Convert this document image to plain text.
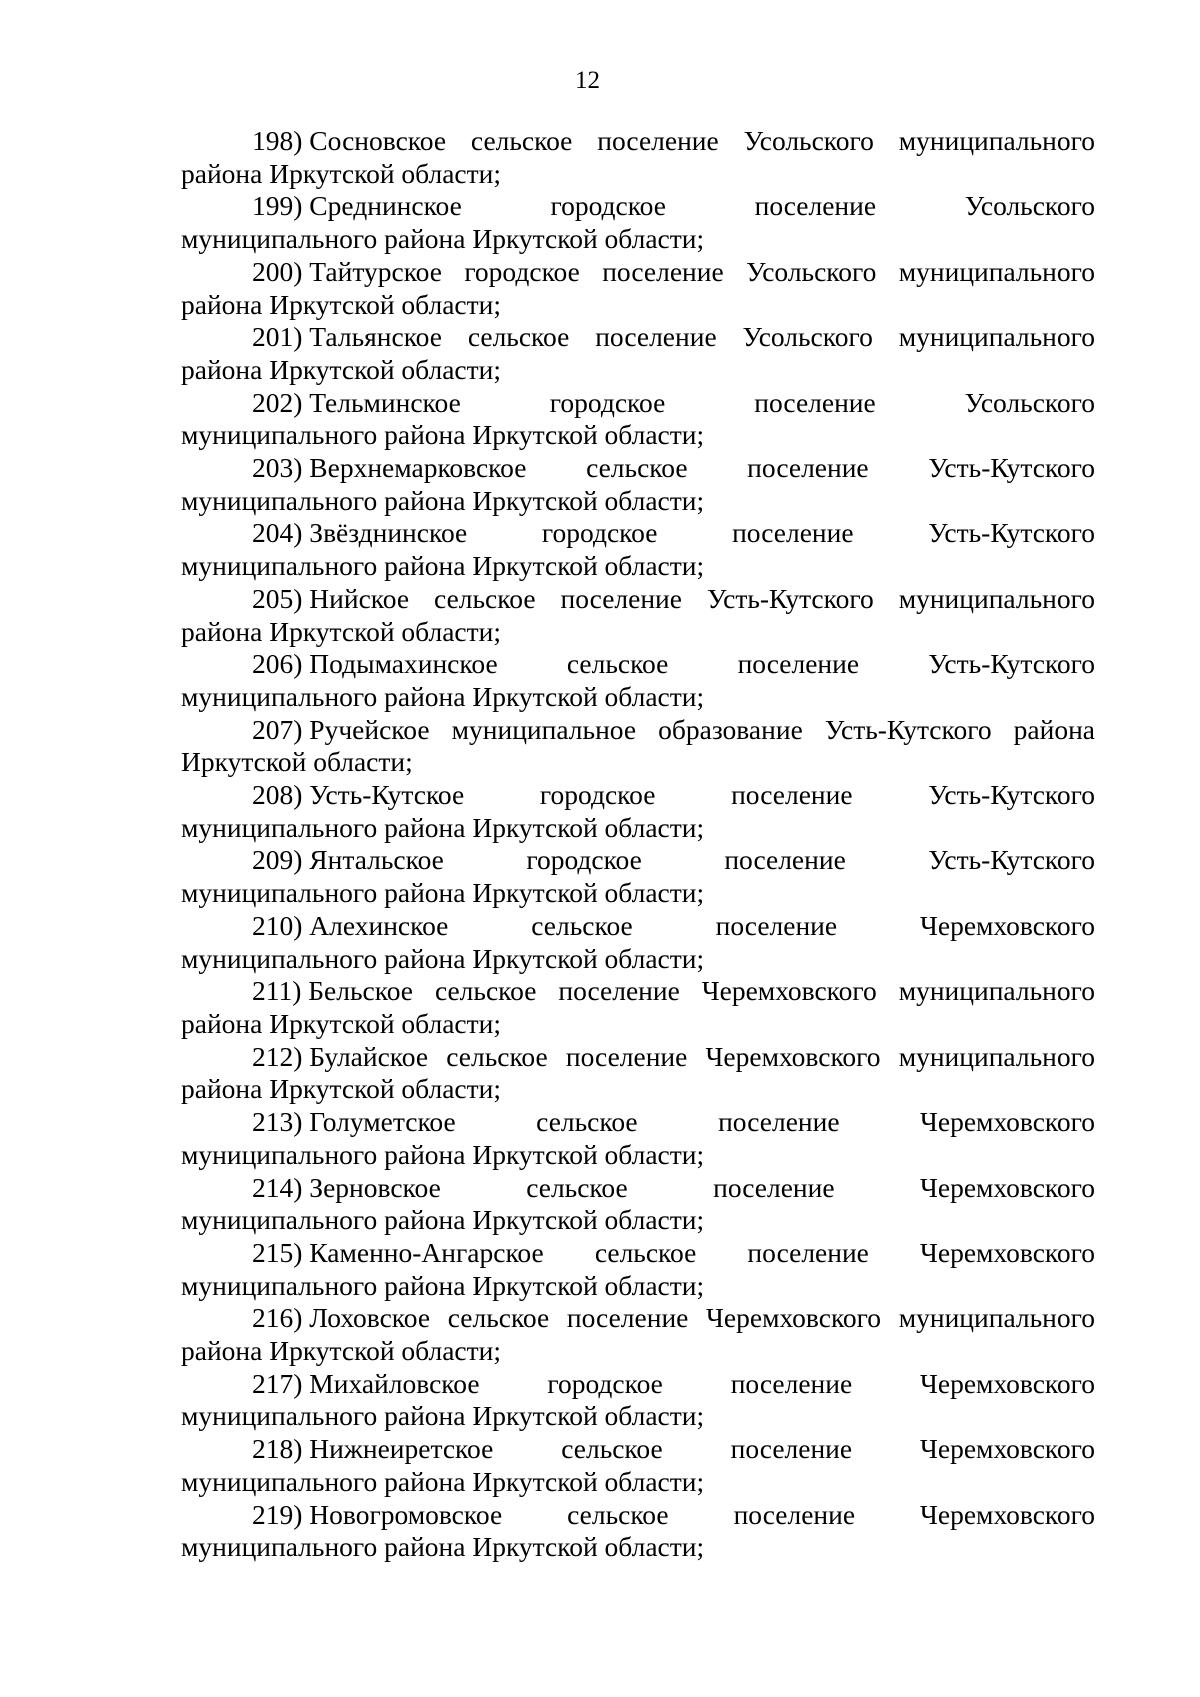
12

198) Сосновское сельское поселение Усольского муниципального
района Иркутской области;

199) Среднинское	городское	поселение	Усольского
муниципального района Иркутской области;

200) Тайтурское городское поселение Усольского муниципального
района Иркутской области;

201) Тальянское сельское поселение Усольского муниципального
района Иркутской области;

202) Тельминское	городское	поселение	Усольского
муниципального района Иркутской области;

203) Верхнемарковское сельское поселение Усть-Кутского
муниципального района Иркутской области;

204) Звёзднинское	городское	поселение	Усть-Кутского
муниципального района Иркутской области;

205) Нийское сельское поселение Усть-Кутского муниципального
района Иркутской области;

206) Подымахинское	сельское	поселение	Усть-Кутского
муниципального района Иркутской области;

207) Ручейское муниципальное образование Усть-Кутского района
Иркутской области;

208) Усть-Кутское	городское	поселение	Усть-Кутского
муниципального района Иркутской области;

209) Янтальское	городское	поселение	Усть-Кутского
муниципального района Иркутской области;

210) Алехинское	сельское	поселение	Черемховского
муниципального района Иркутской области;

211) Бельское сельское поселение Черемховского муниципального
района Иркутской области;

212) Булайское сельское поселение Черемховского муниципального
района Иркутской области;

213) Голуметское	сельское	поселение	Черемховского
муниципального района Иркутской области;

214) Зерновское	сельское	поселение	Черемховского
муниципального района Иркутской области;

215) Каменно-Ангарское сельское поселение Черемховского
муниципального района Иркутской области;

216) Лоховское сельское поселение Черемховского муниципального
района Иркутской области;

217) Михайловское городское поселение Черемховского
муниципального района Иркутской области;

218) Нижнеиретское сельское поселение Черемховского
муниципального района Иркутской области;

219) Новогромовское сельское поселение Черемховского
муниципального района Иркутской области;
